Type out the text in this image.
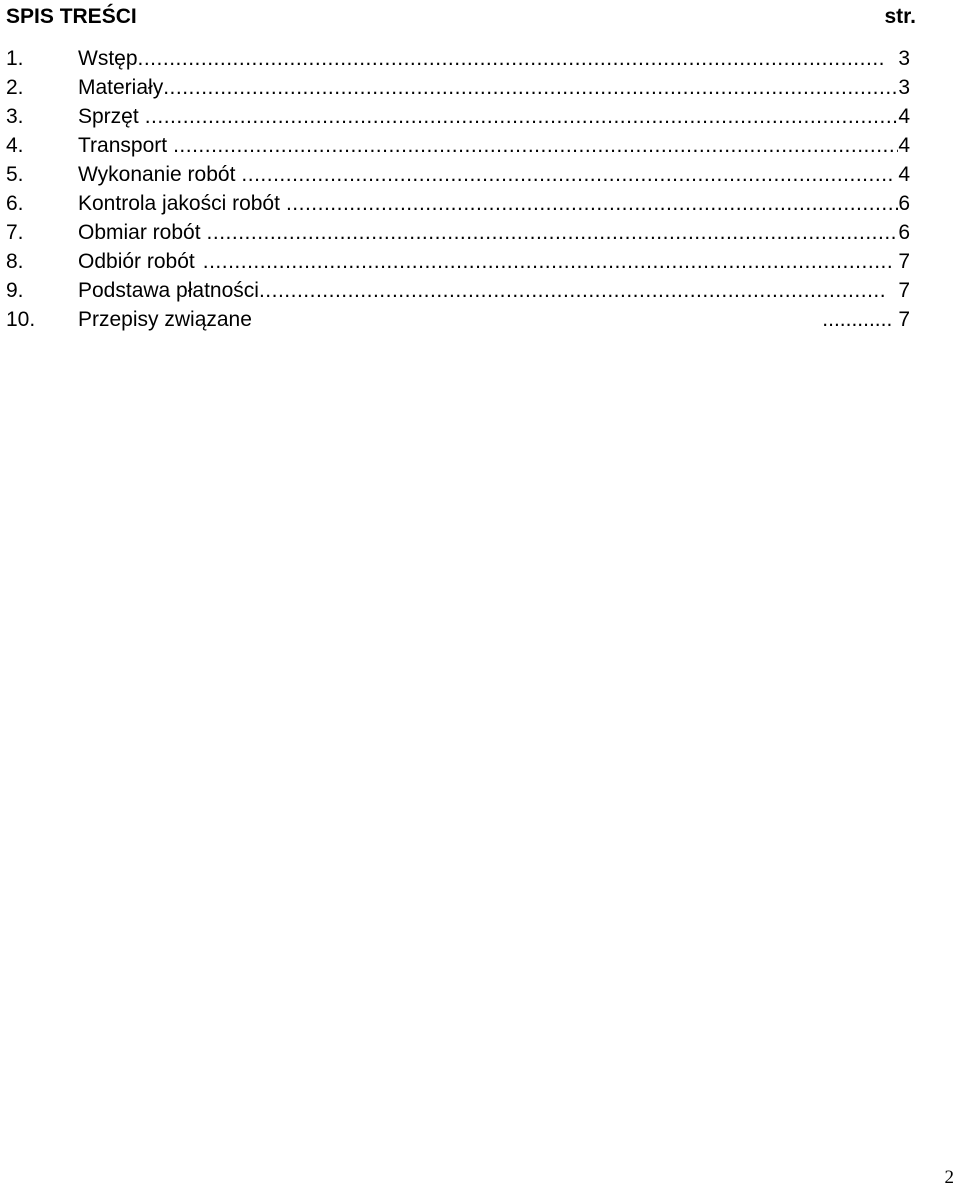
SPIS TREŚCI	str.
1.	Wstęp .....	3
2.	Materiały .....	3
3.	Sprzęt .....	4
4.	Transport .....	4
5.	Wykonanie robót .....	4
6.	Kontrola jakości robót .....	6
7.	Obmiar robót .....	6
8.	Odbiór robót .....	7
9.	Podstawa płatności .....	7
10. Przepisy związane	............ 7
2
